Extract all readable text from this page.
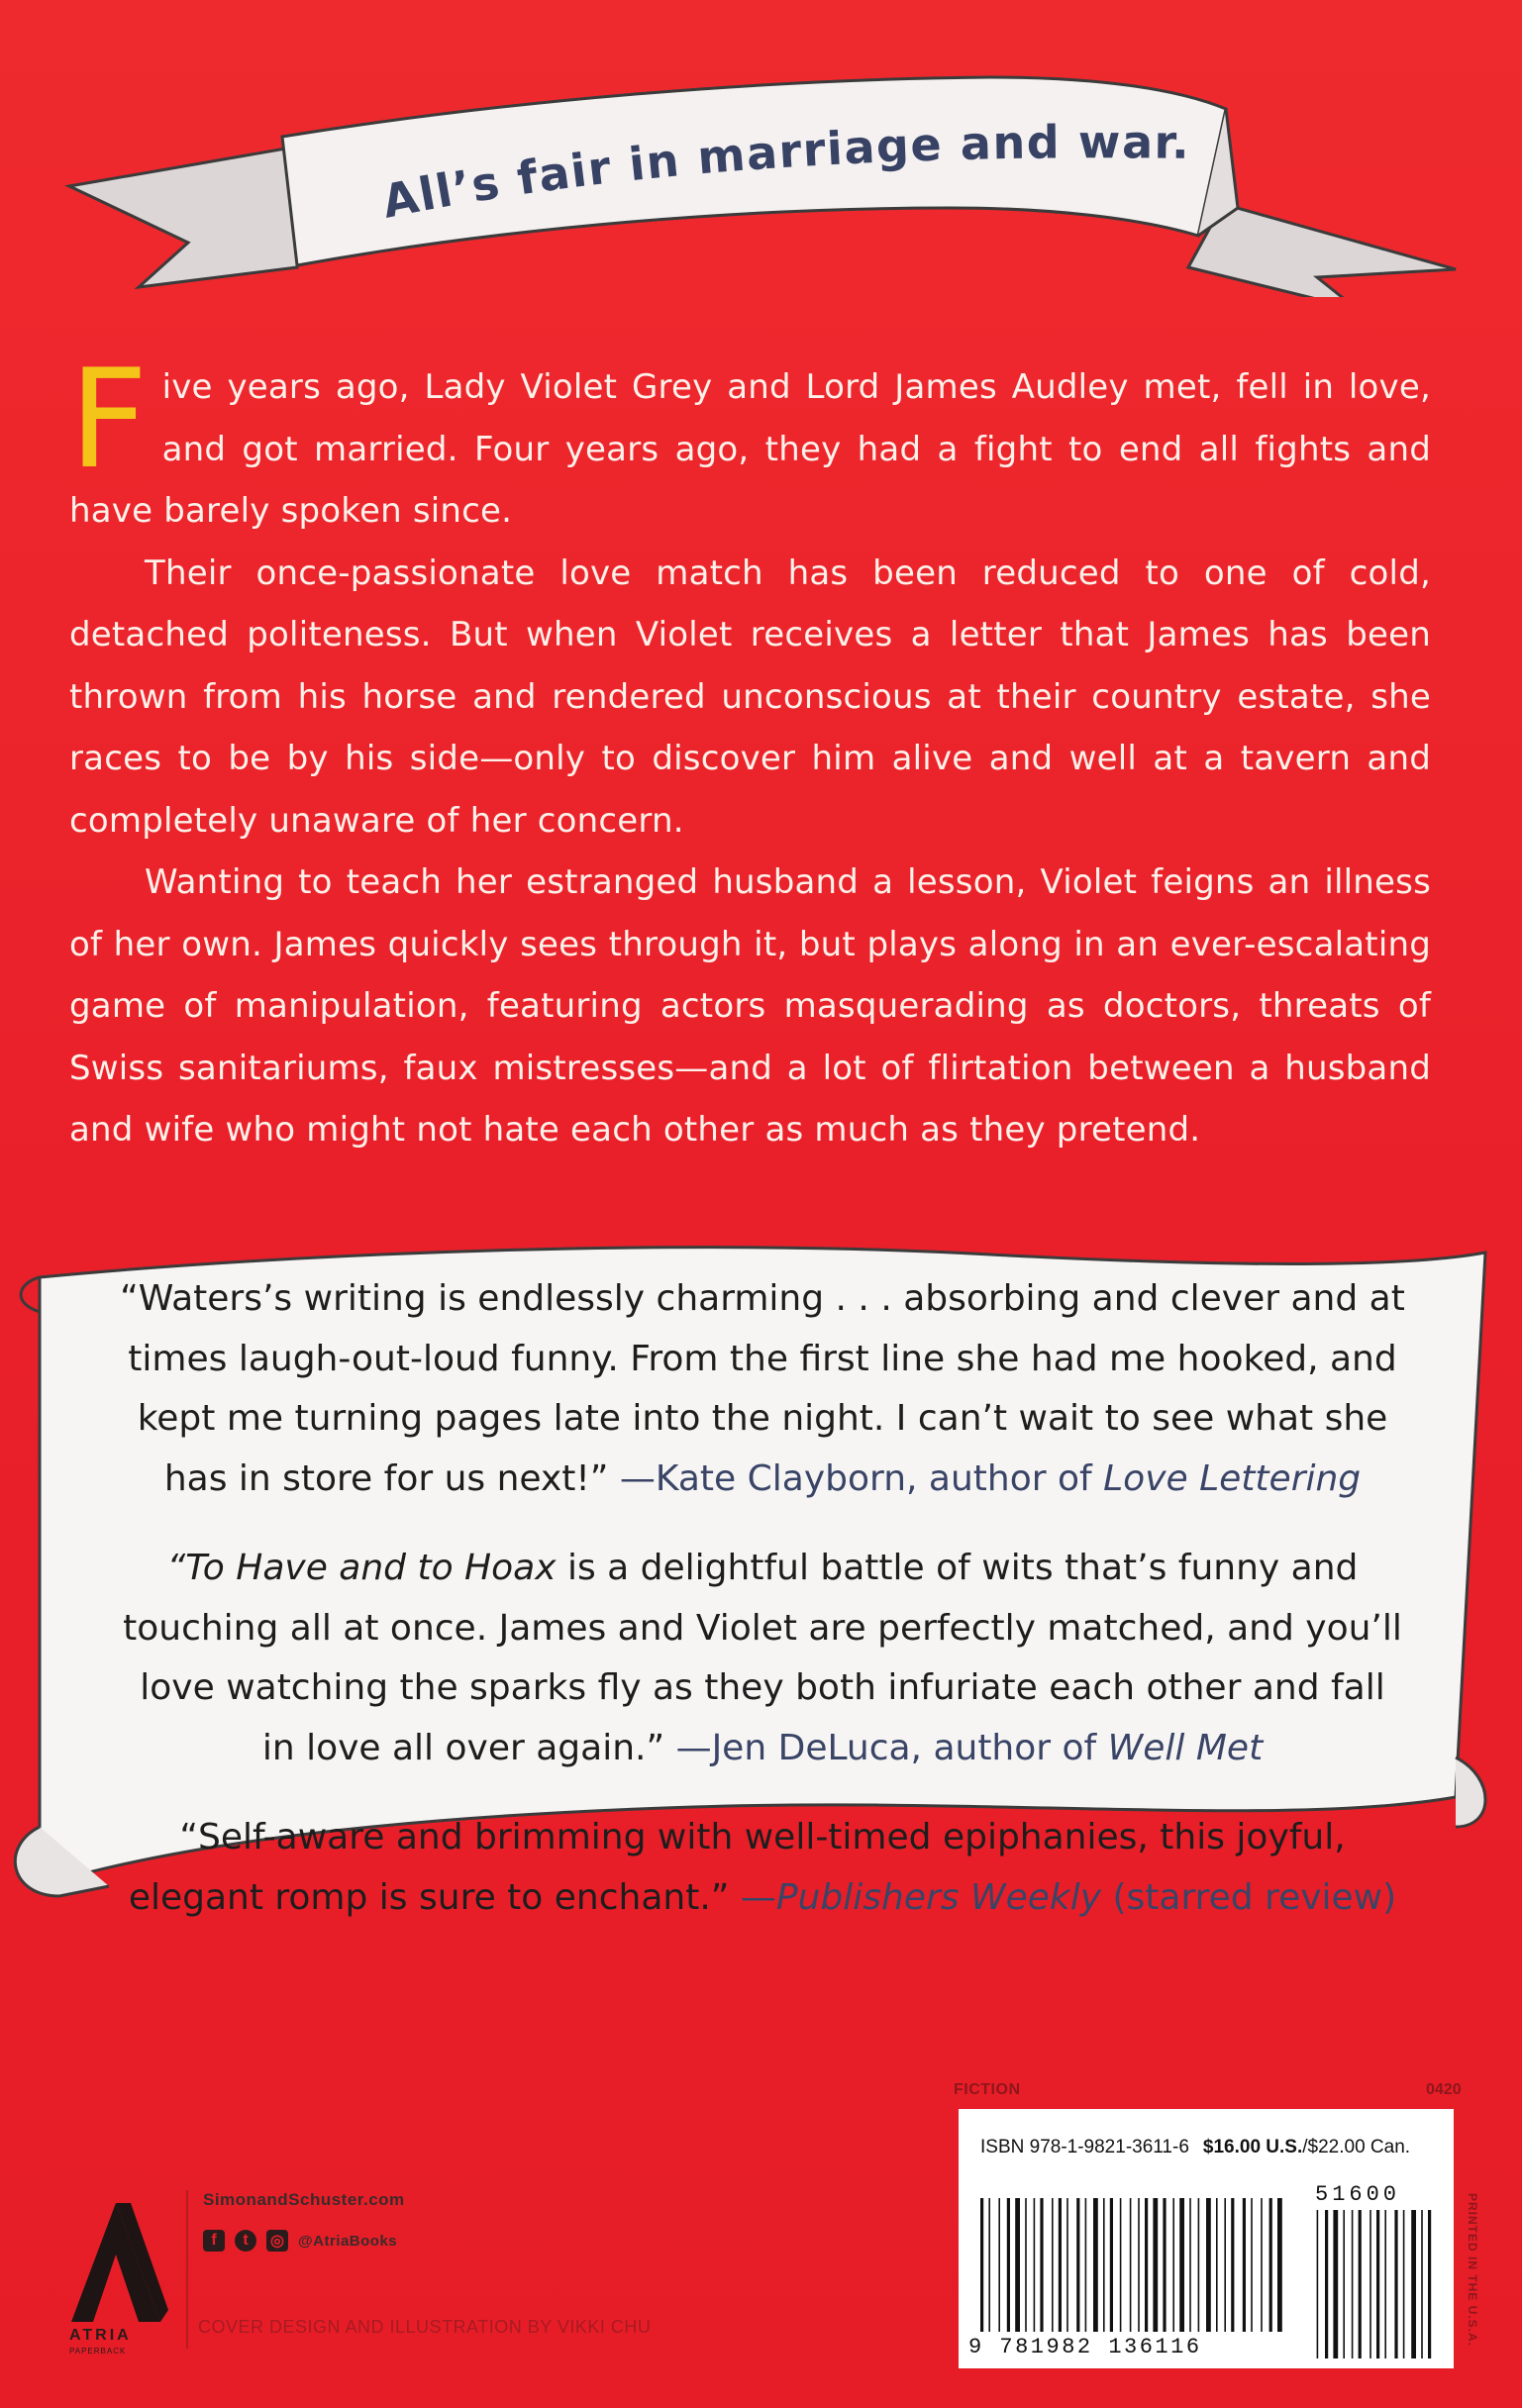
All’s fair in marriage and war.

Five years ago, Lady Violet Grey and Lord James Audley met, fell in love, and got married. Four years ago, they had a fight to end all fights and have barely spoken since.

Their once-passionate love match has been reduced to one of cold, detached politeness. But when Violet receives a letter that James has been thrown from his horse and rendered unconscious at their country estate, she races to be by his side—only to discover him alive and well at a tavern and completely unaware of her concern.

Wanting to teach her estranged husband a lesson, Violet feigns an illness of her own. James quickly sees through it, but plays along in an ever-escalating game of manipulation, featuring actors masquerading as doctors, threats of Swiss sanitariums, faux mistresses—and a lot of flirtation between a husband and wife who might not hate each other as much as they pretend.

“Waters’s writing is endlessly charming . . . absorbing and clever and at times laugh-out-loud funny. From the first line she had me hooked, and kept me turning pages late into the night. I can’t wait to see what she has in store for us next!” —Kate Clayborn, author of Love Lettering

“To Have and to Hoax is a delightful battle of wits that’s funny and touching all at once. James and Violet are perfectly matched, and you’ll love watching the sparks fly as they both infuriate each other and fall in love all over again.” —Jen DeLuca, author of Well Met

“Self-aware and brimming with well-timed epiphanies, this joyful, elegant romp is sure to enchant.” —Publishers Weekly (starred review)

ATRIA
PAPERBACK
SimonandSchuster.com
f	t	◎ @AtriaBooks
COVER DESIGN AND ILLUSTRATION BY VIKKI CHU
FICTION	0420
ISBN 978-1-9821-3611-6 $16.00 U.S./$22.00 Can.
51600
9 781982 136116
PRINTED IN THE U.S.A.
